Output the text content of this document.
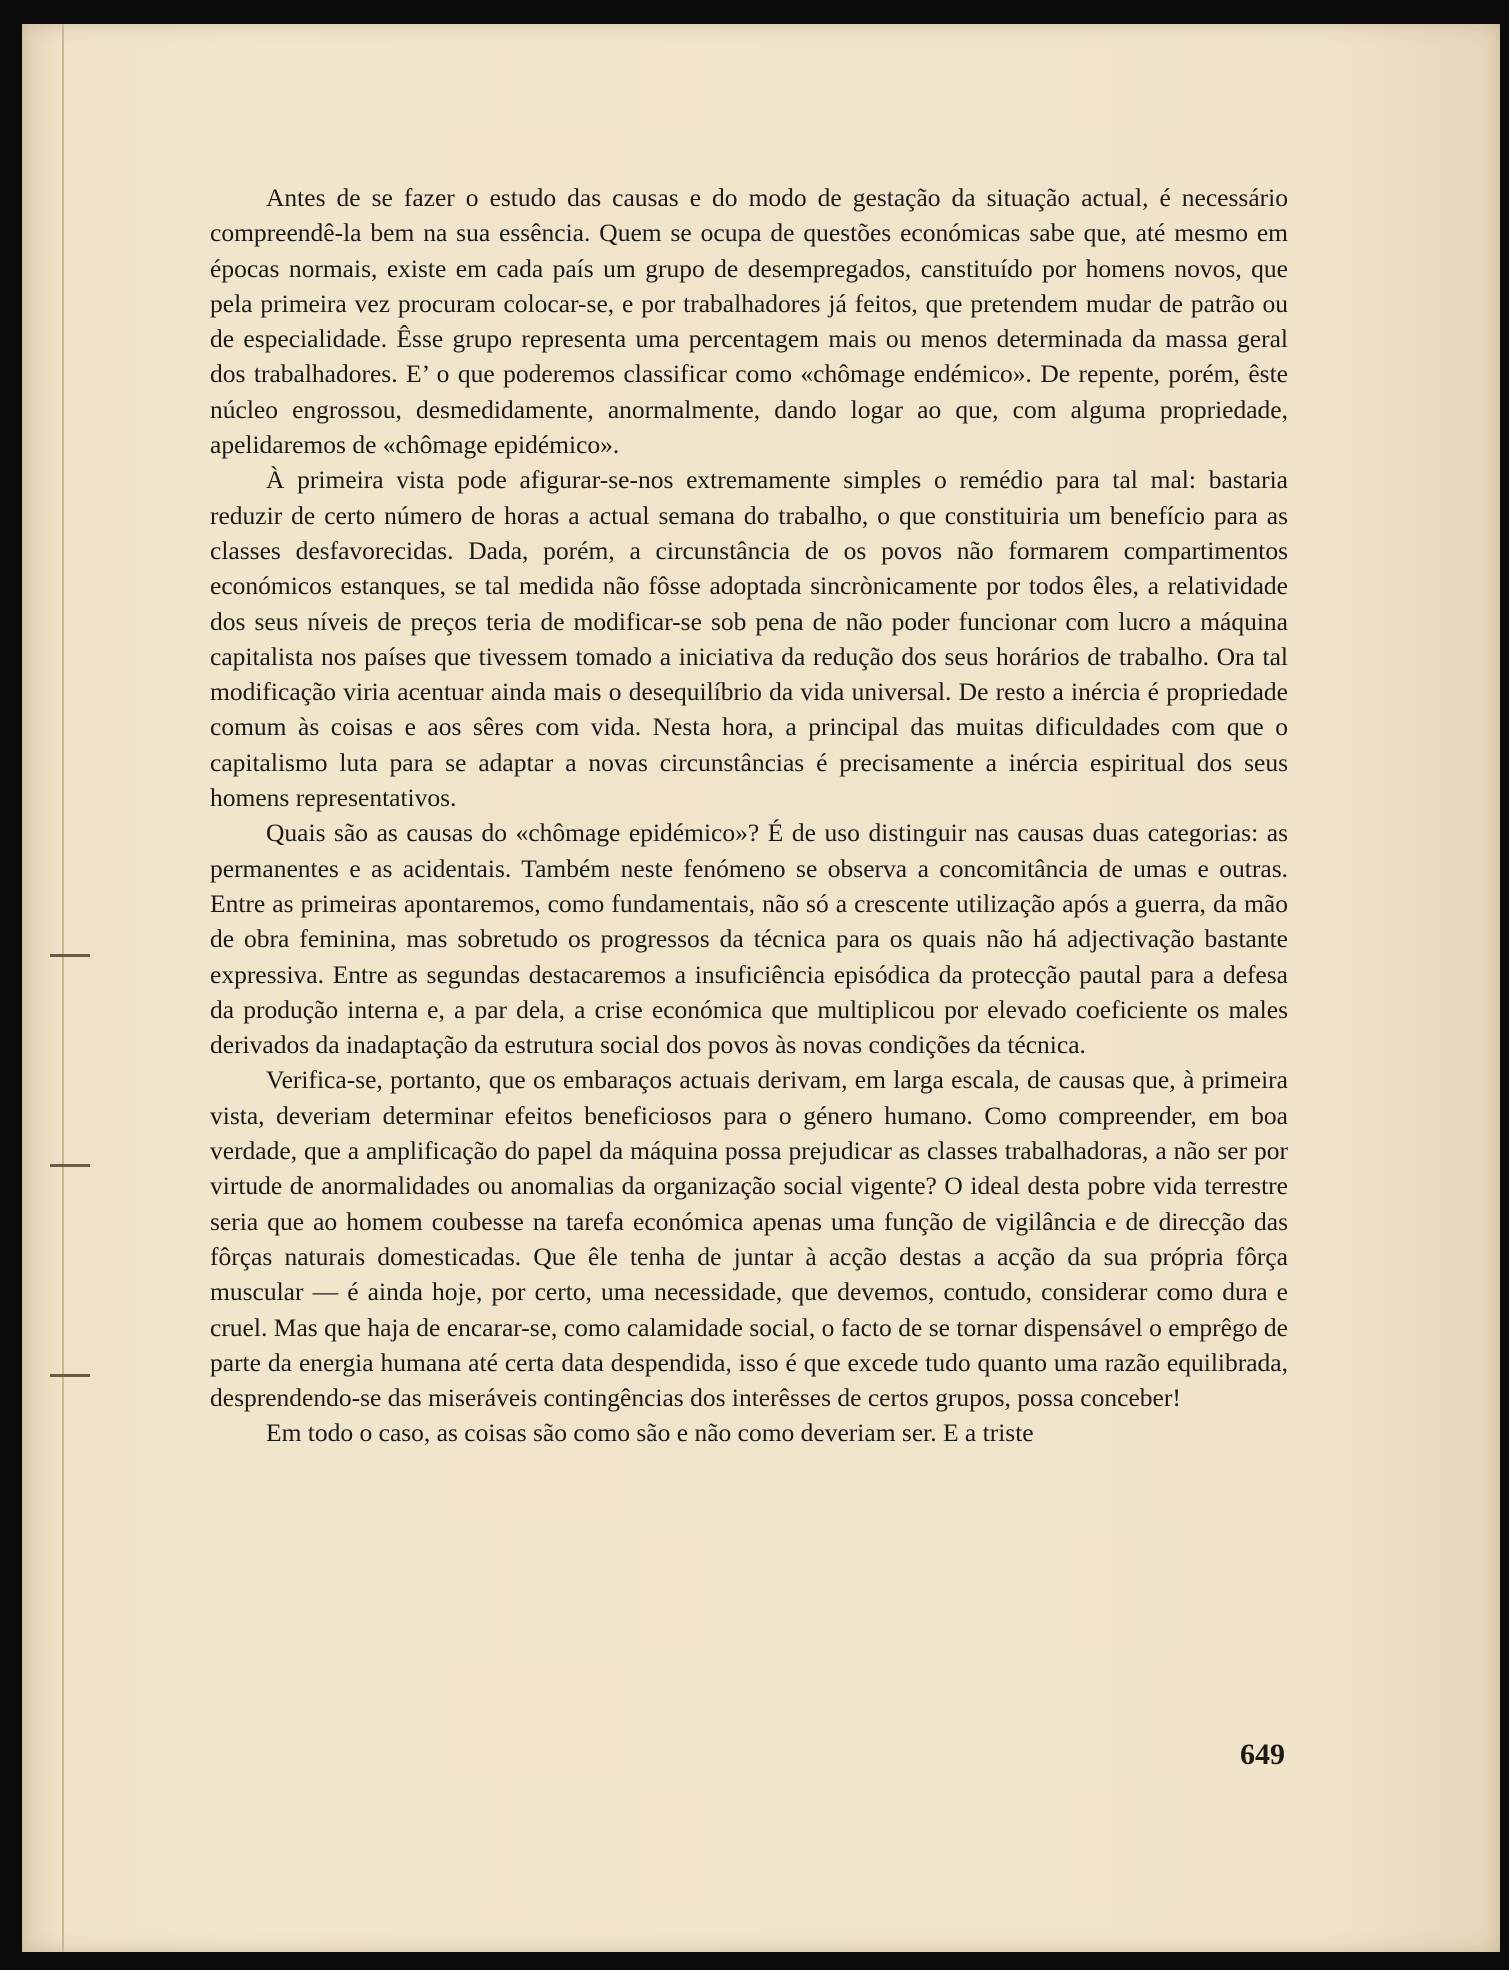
Antes de se fazer o estudo das causas e do modo de gestação da situação actual, é necessário compreendê-la bem na sua essência. Quem se ocupa de questões económicas sabe que, até mesmo em épocas normais, existe em cada país um grupo de desempregados, canstituído por homens novos, que pela primeira vez procuram colocar-se, e por trabalhadores já feitos, que pretendem mudar de patrão ou de especialidade. Êsse grupo representa uma percentagem mais ou menos determinada da massa geral dos trabalhadores. E’ o que poderemos classificar como «chômage endémico». De repente, porém, êste núcleo engrossou, desmedidamente, anormalmente, dando logar ao que, com alguma propriedade, apelidaremos de «chômage epidémico».

À primeira vista pode afigurar-se-nos extremamente simples o remédio para tal mal: bastaria reduzir de certo número de horas a actual semana do trabalho, o que constituiria um benefício para as classes desfavorecidas. Dada, porém, a circunstância de os povos não formarem compartimentos económicos estanques, se tal medida não fôsse adoptada sincrònicamente por todos êles, a relatividade dos seus níveis de preços teria de modificar-se sob pena de não poder funcionar com lucro a máquina capitalista nos países que tivessem tomado a iniciativa da redução dos seus horários de trabalho. Ora tal modificação viria acentuar ainda mais o desequilíbrio da vida universal. De resto a inércia é propriedade comum às coisas e aos sêres com vida. Nesta hora, a principal das muitas dificuldades com que o capitalismo luta para se adaptar a novas circunstâncias é precisamente a inércia espiritual dos seus homens representativos.

Quais são as causas do «chômage epidémico»? É de uso distinguir nas causas duas categorias: as permanentes e as acidentais. Também neste fenómeno se observa a concomitância de umas e outras. Entre as primeiras apontaremos, como fundamentais, não só a crescente utilização após a guerra, da mão de obra feminina, mas sobretudo os progressos da técnica para os quais não há adjectivação bastante expressiva. Entre as segundas destacaremos a insuficiência episódica da protecção pautal para a defesa da produção interna e, a par dela, a crise económica que multiplicou por elevado coeficiente os males derivados da inadaptação da estrutura social dos povos às novas condições da técnica.

Verifica-se, portanto, que os embaraços actuais derivam, em larga escala, de causas que, à primeira vista, deveriam determinar efeitos beneficiosos para o género humano. Como compreender, em boa verdade, que a amplificação do papel da máquina possa prejudicar as classes trabalhadoras, a não ser por virtude de anormalidades ou anomalias da organização social vigente? O ideal desta pobre vida terrestre seria que ao homem coubesse na tarefa económica apenas uma função de vigilância e de direcção das fôrças naturais domesticadas. Que êle tenha de juntar à acção destas a acção da sua própria fôrça muscular — é ainda hoje, por certo, uma necessidade, que devemos, contudo, considerar como dura e cruel. Mas que haja de encarar-se, como calamidade social, o facto de se tornar dispensável o emprêgo de parte da energia humana até certa data despendida, isso é que excede tudo quanto uma razão equilibrada, desprendendo-se das miseráveis contingências dos interêsses de certos grupos, possa conceber!

Em todo o caso, as coisas são como são e não como deveriam ser. E a triste

649
